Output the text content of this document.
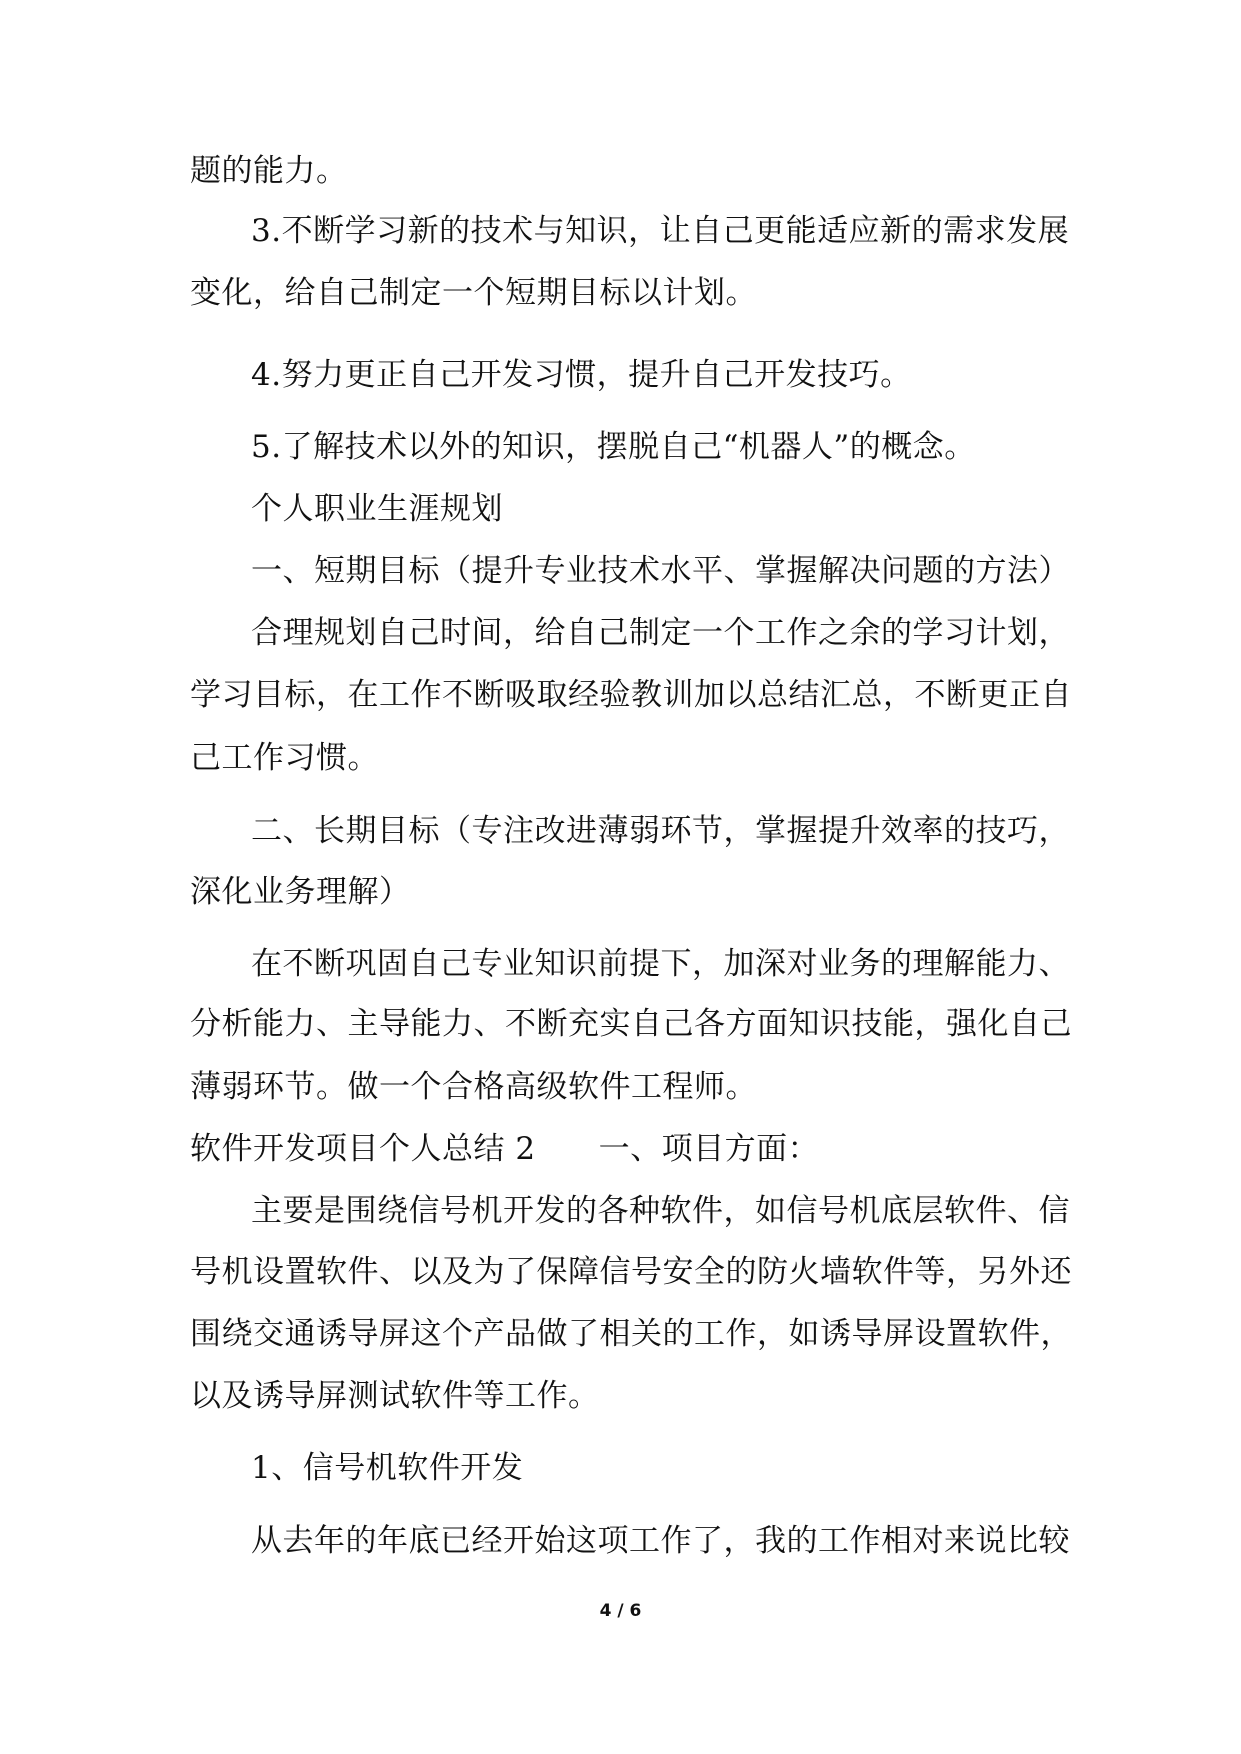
题的能力。
3.不断学习新的技术与知识，让自己更能适应新的需求发展
变化，给自己制定一个短期目标以计划。
4.努力更正自己开发习惯，提升自己开发技巧。
5.了解技术以外的知识，摆脱自己“机器人”的概念。
个人职业生涯规划
一、短期目标（提升专业技术水平、掌握解决问题的方法）
合理规划自己时间，给自己制定一个工作之余的学习计划，
学习目标，在工作不断吸取经验教训加以总结汇总，不断更正自
己工作习惯。
二、长期目标（专注改进薄弱环节，掌握提升效率的技巧，
深化业务理解）
在不断巩固自己专业知识前提下，加深对业务的理解能力、
分析能力、主导能力、不断充实自己各方面知识技能，强化自己
薄弱环节。做一个合格高级软件工程师。
软件开发项目个人总结 2　　一、项目方面：
主要是围绕信号机开发的各种软件，如信号机底层软件、信
号机设置软件、以及为了保障信号安全的防火墙软件等，另外还
围绕交通诱导屏这个产品做了相关的工作，如诱导屏设置软件，
以及诱导屏测试软件等工作。
1、信号机软件开发
从去年的年底已经开始这项工作了，我的工作相对来说比较
4 / 6
